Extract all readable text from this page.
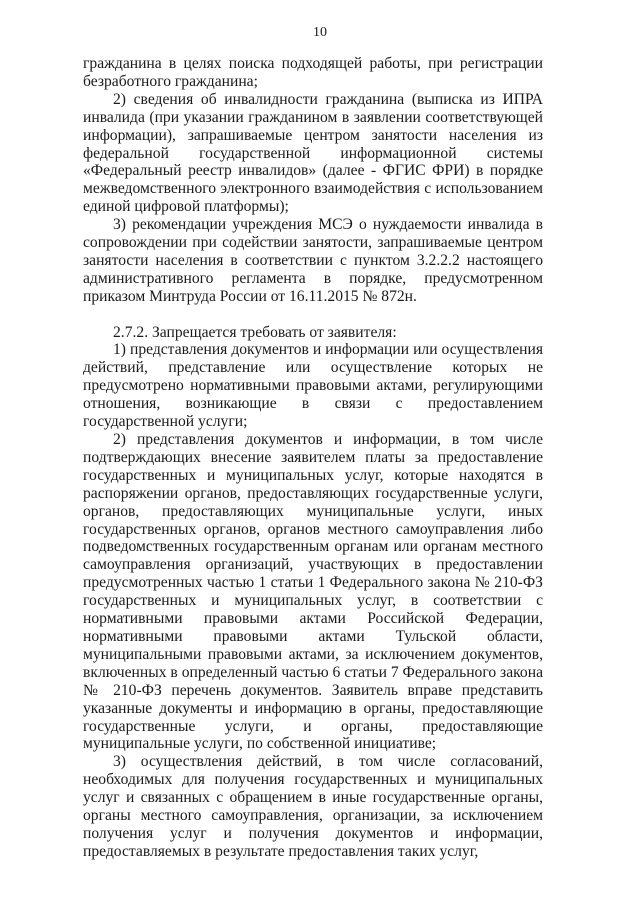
10

гражданина в целях поиска подходящей работы, при регистрации безработного гражданина;

2) сведения об инвалидности гражданина (выписка из ИПРА инвалида (при указании гражданином в заявлении соответствующей информации), запрашиваемые центром занятости населения из федеральной государственной информационной системы «Федеральный реестр инвалидов» (далее - ФГИС ФРИ) в порядке межведомственного электронного взаимодействия с использованием единой цифровой платформы);

3) рекомендации учреждения МСЭ о нуждаемости инвалида в сопровождении при содействии занятости, запрашиваемые центром занятости населения в соответствии с пунктом 3.2.2.2 настоящего административного регламента в порядке, предусмотренном приказом Минтруда России от 16.11.2015 № 872н.

2.7.2. Запрещается требовать от заявителя:

1) представления документов и информации или осуществления действий, представление или осуществление которых не предусмотрено нормативными правовыми актами, регулирующими отношения, возникающие в связи с предоставлением государственной услуги;

2) представления документов и информации, в том числе подтверждающих внесение заявителем платы за предоставление государственных и муниципальных услуг, которые находятся в распоряжении органов, предоставляющих государственные услуги, органов, предоставляющих муниципальные услуги, иных государственных органов, органов местного самоуправления либо подведомственных государственным органам или органам местного самоуправления организаций, участвующих в предоставлении предусмотренных частью 1 статьи 1 Федерального закона № 210-ФЗ государственных и муниципальных услуг, в соответствии с нормативными правовыми актами Российской Федерации, нормативными правовыми актами Тульской области, муниципальными правовыми актами, за исключением документов, включенных в определенный частью 6 статьи 7 Федерального закона № 210-ФЗ перечень документов. Заявитель вправе представить указанные документы и информацию в органы, предоставляющие государственные услуги, и органы, предоставляющие муниципальные услуги, по собственной инициативе;

3) осуществления действий, в том числе согласований, необходимых для получения государственных и муниципальных услуг и связанных с обращением в иные государственные органы, органы местного самоуправления, организации, за исключением получения услуг и получения документов и информации, предоставляемых в результате предоставления таких услуг,
